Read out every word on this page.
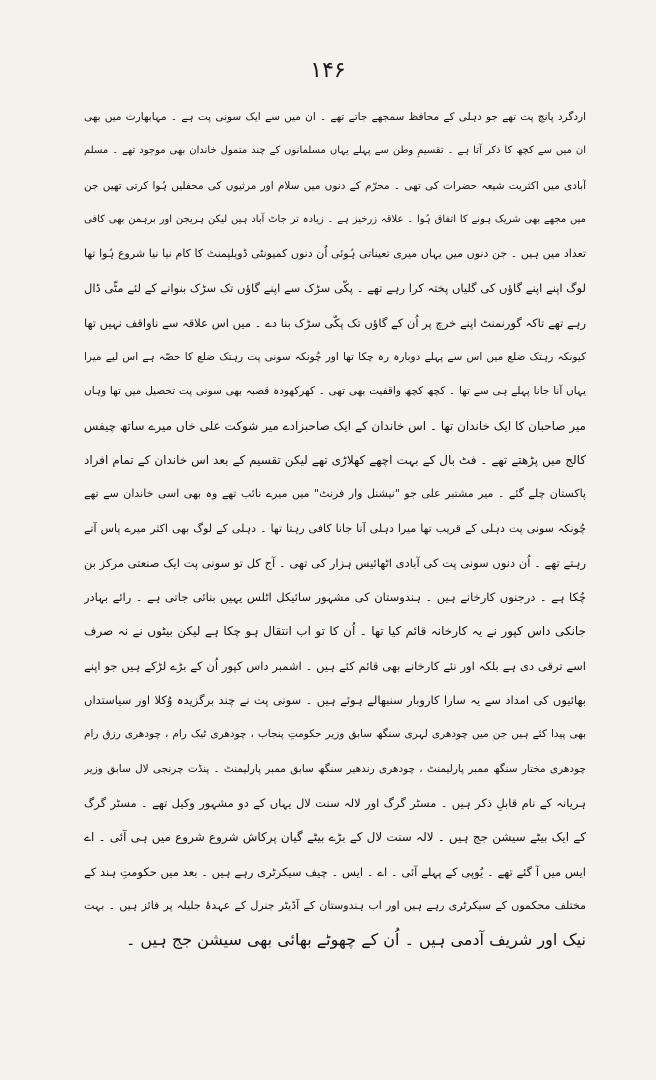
۱۴۶
اردگرد پانچ پت تھے جو دہلی کے محافظ سمجھے جاتے تھے ۔ ان میں سے ایک سونی پت ہے ۔ مہابھارت میں بھی
ان میں سے کچھ کا ذکر آتا ہے ۔ تقسیمِ وطن سے پہلے یہاں مسلمانوں کے چند متمول خاندان بھی موجود تھے ۔ مسلم
آبادی میں اکثریت شیعہ حضرات کی تھی ۔ محرّم کے دنوں میں سلام اور مرثیوں کی محفلیں ہُوا کرتی تھیں جن
میں مجھے بھی شریک ہونے کا اتفاق ہُوا ۔ علاقہ زرخیز ہے ۔ زیادہ تر جاٹ آباد ہیں لیکن ہریجن اور برہمن بھی کافی
تعداد میں ہیں ۔ جن دنوں میں یہاں میری تعیناتی ہُوئی اُن دنوں کمیونٹی ڈویلپمنٹ کا کام نیا نیا شروع ہُوا تھا
لوگ اپنے اپنے گاؤں کی گلیاں پختہ کرا رہے تھے ۔ پکّی سڑک سے اپنے گاؤں تک سڑک بنوانے کے لئے مٹّی ڈال
رہے تھے تاکہ گورنمنٹ اپنے خرچ پر اُن کے گاؤں تک پکّی سڑک بنا دے ۔ میں اس علاقہ سے ناواقف نہیں تھا
کیونکہ رہتک ضلع میں اس سے پہلے دوبارہ رہ چکا تھا اور چُونکہ سونی پت رہتک ضلع کا حصّہ ہے اس لیے میرا
یہاں آنا جانا پہلے ہی سے تھا ۔ کچھ کچھ واقفیت بھی تھی ۔ کھرکھودہ قصبہ بھی سونی پت تحصیل میں تھا وہاں
میر صاحبان کا ایک خاندان تھا ۔ اس خاندان کے ایک صاحبزادے میر شوکت علی خاں میرے ساتھ چیفس
کالج میں پڑھتے تھے ۔ فٹ بال کے بہت اچھے کھلاڑی تھے لیکن تقسیم کے بعد اس خاندان کے تمام افراد
پاکستان چلے گئے ۔ میر مشتبر علی جو "نیشنل وار فرنٹ" میں میرے نائب تھے وہ بھی اسی خاندان سے تھے
چُونکہ سونی پت دہلی کے قریب تھا میرا دہلی آنا جانا کافی رہتا تھا ۔ دہلی کے لوگ بھی اکثر میرے پاس آتے
رہتے تھے ۔ اُن دنوں سونی پت کی آبادی اٹھائیس ہزار کی تھی ۔ آج کل تو سونی پت ایک صنعتی مرکز بن
چُکا ہے ۔ درجنوں کارخانے ہیں ۔ ہندوستان کی مشہور سائیکل اٹلس یہیں بنائی جاتی ہے ۔ رائے بہادر
جانکی داس کپور نے یہ کارخانہ قائم کیا تھا ۔ اُن کا تو اب انتقال ہو چکا ہے لیکن بیٹوں نے نہ صرف
اسے ترقی دی ہے بلکہ اور نئے کارخانے بھی قائم کئے ہیں ۔ اشمبر داس کپور اُن کے بڑے لڑکے ہیں جو اپنے
بھائیوں کی امداد سے یہ سارا کاروبار سنبھالے ہوئے ہیں ۔ سونی پت نے چند برگزیدہ وُکلا اور سیاستداں
بھی پیدا کئے ہیں جن میں چودھری لہری سنگھ سابق وزیر حکومتِ پنجاب ، چودھری ٹیک رام ، چودھری رزق رام
چودھری مختار سنگھ ممبر پارلیمنٹ ، چودھری رندھیر سنگھ سابق ممبر پارلیمنٹ ۔ پنڈت چرنجی لال سابق وزیر
ہریانہ کے نام قابلِ ذکر ہیں ۔ مسٹر گرگ اور لالہ سنت لال یہاں کے دو مشہور وکیل تھے ۔ مسٹر گرگ
کے ایک بیٹے سیشن جج ہیں ۔ لالہ سنت لال کے بڑے بیٹے گیان پرکاش شروع شروع میں ہی آئی ۔ اے
ایس میں آ گئے تھے ۔ یُوپی کے پہلے آئی ۔ اے ۔ ایس ۔ چیف سیکرٹری رہے ہیں ۔ بعد میں حکومتِ ہند کے
مختلف محکموں کے سیکرٹری رہے ہیں اور اب ہندوستان کے آڈیٹر جنرل کے عہدۂ جلیلہ پر فائز ہیں ۔ بہت
نیک اور شریف آدمی ہیں ۔ اُن کے چھوٹے بھائی بھی سیشن جج ہیں ۔
